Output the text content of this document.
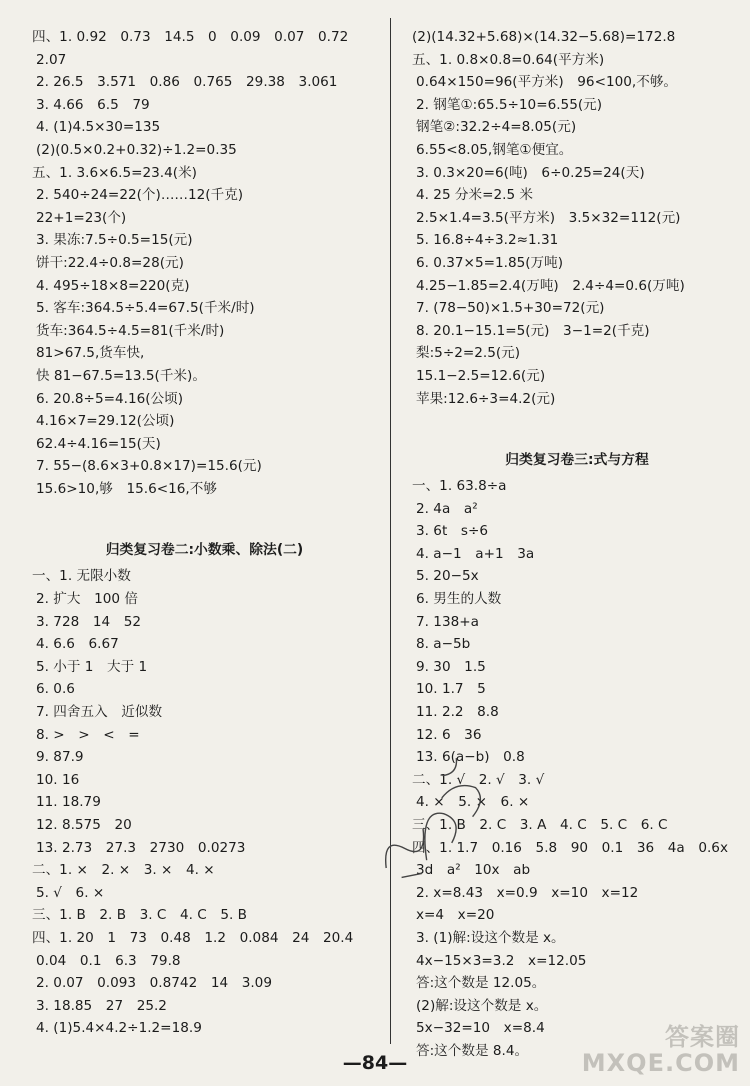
四、1. 0.92　0.73　14.5　0　0.09　0.07　0.72
2.07
2. 26.5　3.571　0.86　0.765　29.38　3.061
3. 4.66　6.5　79
4. (1)4.5×30=135
(2)(0.5×0.2+0.32)÷1.2=0.35
五、1. 3.6×6.5=23.4(米)
2. 540÷24=22(个)……12(千克)
22+1=23(个)
3. 果冻:7.5÷0.5=15(元)
饼干:22.4÷0.8=28(元)
4. 495÷18×8=220(克)
5. 客车:364.5÷5.4=67.5(千米/时)
货车:364.5÷4.5=81(千米/时)
81>67.5,货车快,
快 81−67.5=13.5(千米)。
6. 20.8÷5=4.16(公顷)
4.16×7=29.12(公顷)
62.4÷4.16=15(天)
7. 55−(8.6×3+0.8×17)=15.6(元)
15.6>10,够　15.6<16,不够
归类复习卷二:小数乘、除法(二)
一、1. 无限小数
2. 扩大　100 倍
3. 728　14　52
4. 6.6　6.67
5. 小于 1　大于 1
6. 0.6
7. 四舍五入　近似数
8. >　>　<　=
9. 87.9
10. 16
11. 18.79
12. 8.575　20
13. 2.73　27.3　2730　0.0273
二、1. ×　2. ×　3. ×　4. ×
5. √　6. ×
三、1. B　2. B　3. C　4. C　5. B
四、1. 20　1　73　0.48　1.2　0.084　24　20.4
0.04　0.1　6.3　79.8
2. 0.07　0.093　0.8742　14　3.09
3. 18.85　27　25.2
4. (1)5.4×4.2÷1.2=18.9
(2)(14.32+5.68)×(14.32−5.68)=172.8
五、1. 0.8×0.8=0.64(平方米)
0.64×150=96(平方米)　96<100,不够。
2. 钢笔①:65.5÷10=6.55(元)
钢笔②:32.2÷4=8.05(元)
6.55<8.05,钢笔①便宜。
3. 0.3×20=6(吨)　6÷0.25=24(天)
4. 25 分米=2.5 米
2.5×1.4=3.5(平方米)　3.5×32=112(元)
5. 16.8÷4÷3.2≈1.31
6. 0.37×5=1.85(万吨)
4.25−1.85=2.4(万吨)　2.4÷4=0.6(万吨)
7. (78−50)×1.5+30=72(元)
8. 20.1−15.1=5(元)　3−1=2(千克)
梨:5÷2=2.5(元)
15.1−2.5=12.6(元)
苹果:12.6÷3=4.2(元)
归类复习卷三:式与方程
一、1. 63.8÷a
2. 4a　a²
3. 6t　s÷6
4. a−1　a+1　3a
5. 20−5x
6. 男生的人数
7. 138+a
8. a−5b
9. 30　1.5
10. 1.7　5
11. 2.2　8.8
12. 6　36
13. 6(a−b)　0.8
二、1. √　2. √　3. √
4. ×　5. ×　6. ×
三、1. B　2. C　3. A　4. C　5. C　6. C
四、1. 1.7　0.16　5.8　90　0.1　36　4a　0.6x
3d　a²　10x　ab
2. x=8.43　x=0.9　x=10　x=12
x=4　x=20
3. (1)解:设这个数是 x。
4x−15×3=3.2　x=12.05
答:这个数是 12.05。
(2)解:设这个数是 x。
5x−32=10　x=8.4
答:这个数是 8.4。
—84—
答案圈
MXQE.COM
